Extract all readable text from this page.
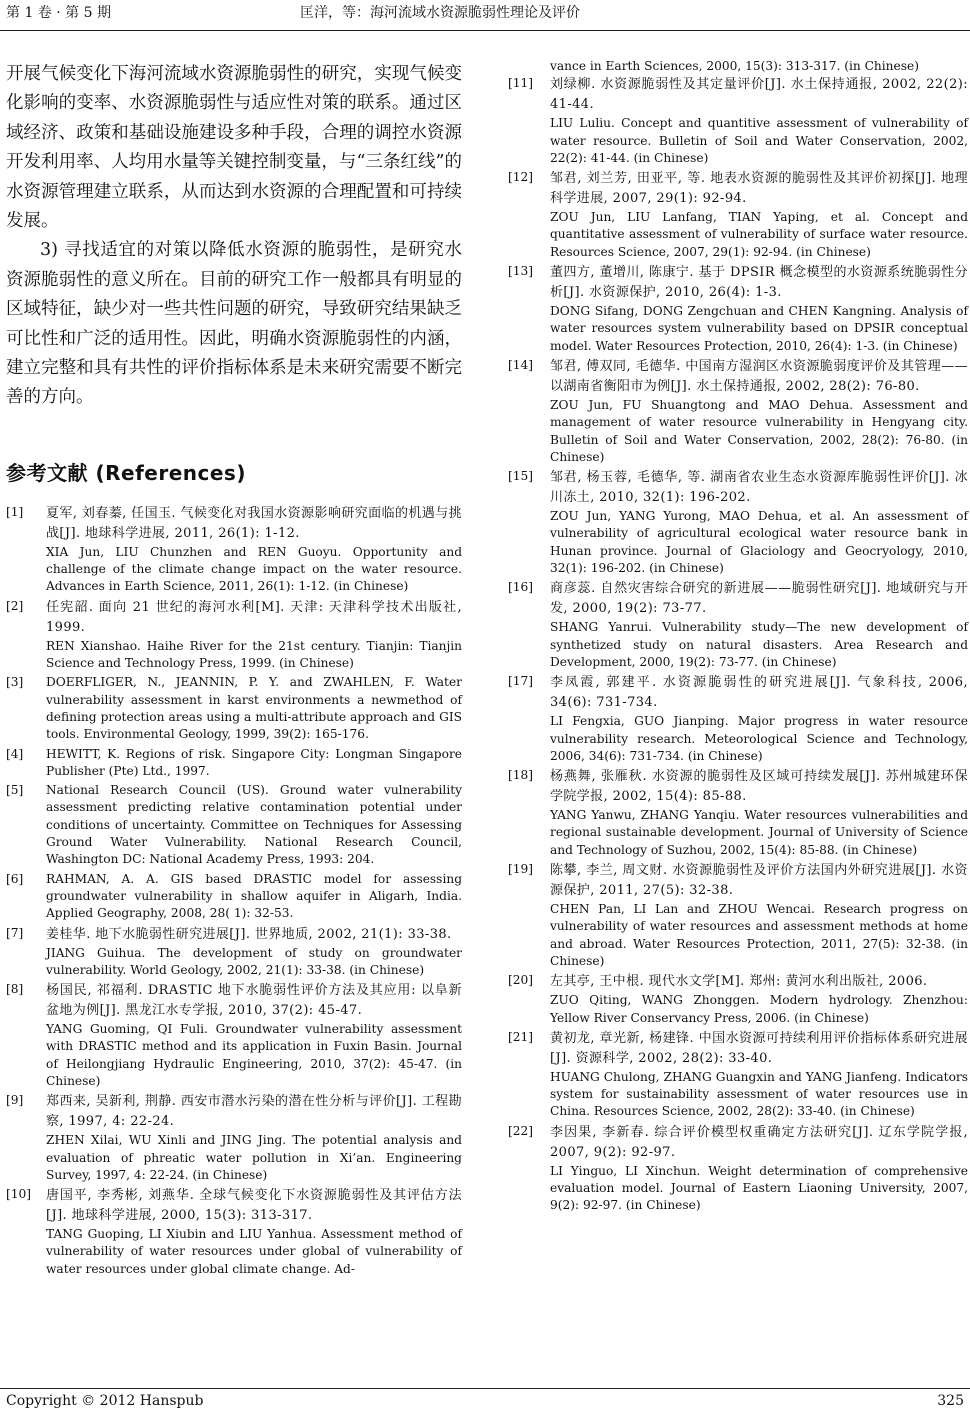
第 1 卷 · 第 5 期	匡洋，等：海河流域水资源脆弱性理论及评价

开展气候变化下海河流域水资源脆弱性的研究，实现气候变化影响的变率、水资源脆弱性与适应性对策的联系。通过区域经济、政策和基础设施建设多种手段，合理的调控水资源开发利用率、人均用水量等关键控制变量，与“三条红线”的水资源管理建立联系，从而达到水资源的合理配置和可持续发展。

3) 寻找适宜的对策以降低水资源的脆弱性，是研究水资源脆弱性的意义所在。目前的研究工作一般都具有明显的区域特征，缺少对一些共性问题的研究，导致研究结果缺乏可比性和广泛的适用性。因此，明确水资源脆弱性的内涵，建立完整和具有共性的评价指标体系是未来研究需要不断完善的方向。

参考文献 (References)
[1]	夏军, 刘春蓁, 任国玉. 气候变化对我国水资源影响研究面临的机遇与挑战[J]. 地球科学进展, 2011, 26(1): 1-12.
XIA Jun, LIU Chunzhen and REN Guoyu. Opportunity and challenge of the climate change impact on the water resource. Advances in Earth Science, 2011, 26(1): 1-12. (in Chinese)
[2]	任宪韶. 面向 21 世纪的海河水利[M]. 天津: 天津科学技术出版社, 1999.
REN Xianshao. Haihe River for the 21st century. Tianjin: Tianjin Science and Technology Press, 1999. (in Chinese)
[3]	DOERFLIGER, N., JEANNIN, P. Y. and ZWAHLEN, F. Water vulnerability assessment in karst environments a newmethod of defining protection areas using a multi-attribute approach and GIS tools. Environmental Geology, 1999, 39(2): 165-176.
[4]	HEWITT, K. Regions of risk. Singapore City: Longman Singapore Publisher (Pte) Ltd., 1997.
[5]	National Research Council (US). Ground water vulnerability assessment predicting relative contamination potential under conditions of uncertainty. Committee on Techniques for Assessing Ground Water Vulnerability. National Research Council, Washington DC: National Academy Press, 1993: 204.
[6]	RAHMAN, A. A. GIS based DRASTIC model for assessing groundwater vulnerability in shallow aquifer in Aligarh, India. Applied Geography, 2008, 28( 1): 32-53.
[7]	姜桂华. 地下水脆弱性研究进展[J]. 世界地质, 2002, 21(1): 33-38.
JIANG Guihua. The development of study on groundwater vulnerability. World Geology, 2002, 21(1): 33-38. (in Chinese)
[8]	杨国民, 祁福利. DRASTIC 地下水脆弱性评价方法及其应用: 以阜新盆地为例[J]. 黑龙江水专学报, 2010, 37(2): 45-47.
YANG Guoming, QI Fuli. Groundwater vulnerability assessment with DRASTIC method and its application in Fuxin Basin. Journal of Heilongjiang Hydraulic Engineering, 2010, 37(2): 45-47. (in Chinese)
[9]	郑西来, 吴新利, 荆静. 西安市潜水污染的潜在性分析与评价[J]. 工程勘察, 1997, 4: 22-24.
ZHEN Xilai, WU Xinli and JING Jing. The potential analysis and evaluation of phreatic water pollution in Xi’an. Engineering Survey, 1997, 4: 22-24. (in Chinese)
[10]	唐国平, 李秀彬, 刘燕华. 全球气候变化下水资源脆弱性及其评估方法[J]. 地球科学进展, 2000, 15(3): 313-317.
TANG Guoping, LI Xiubin and LIU Yanhua. Assessment method of vulnerability of water resources under global of vulnerability of water resources under global climate change. Ad-
vance in Earth Sciences, 2000, 15(3): 313-317. (in Chinese)
[11]	刘绿柳. 水资源脆弱性及其定量评价[J]. 水土保持通报, 2002, 22(2): 41-44.
LIU Luliu. Concept and quantitive assessment of vulnerability of water resource. Bulletin of Soil and Water Conservation, 2002, 22(2): 41-44. (in Chinese)
[12]	邹君, 刘兰芳, 田亚平, 等. 地表水资源的脆弱性及其评价初探[J]. 地理科学进展, 2007, 29(1): 92-94.
ZOU Jun, LIU Lanfang, TIAN Yaping, et al. Concept and quantitative assessment of vulnerability of surface water resource. Resources Science, 2007, 29(1): 92-94. (in Chinese)
[13]	董四方, 董增川, 陈康宁. 基于 DPSIR 概念模型的水资源系统脆弱性分析[J]. 水资源保护, 2010, 26(4): 1-3.
DONG Sifang, DONG Zengchuan and CHEN Kangning. Analysis of water resources system vulnerability based on DPSIR conceptual model. Water Resources Protection, 2010, 26(4): 1-3. (in Chinese)
[14]	邹君, 傅双同, 毛德华. 中国南方湿润区水资源脆弱度评价及其管理——以湖南省衡阳市为例[J]. 水土保持通报, 2002, 28(2): 76-80.
ZOU Jun, FU Shuangtong and MAO Dehua. Assessment and management of water resource vulnerability in Hengyang city. Bulletin of Soil and Water Conservation, 2002, 28(2): 76-80. (in Chinese)
[15]	邹君, 杨玉蓉, 毛德华, 等. 湖南省农业生态水资源库脆弱性评价[J]. 冰川冻土, 2010, 32(1): 196-202.
ZOU Jun, YANG Yurong, MAO Dehua, et al. An assessment of vulnerability of agricultural ecological water resource bank in Hunan province. Journal of Glaciology and Geocryology, 2010, 32(1): 196-202. (in Chinese)
[16]	商彦蕊. 自然灾害综合研究的新进展——脆弱性研究[J]. 地域研究与开发, 2000, 19(2): 73-77.
SHANG Yanrui. Vulnerability study—The new development of synthetized study on natural disasters. Area Research and Development, 2000, 19(2): 73-77. (in Chinese)
[17]	李凤霞, 郭建平. 水资源脆弱性的研究进展[J]. 气象科技, 2006, 34(6): 731-734.
LI Fengxia, GUO Jianping. Major progress in water resource vulnerability research. Meteorological Science and Technology, 2006, 34(6): 731-734. (in Chinese)
[18]	杨燕舞, 张雁秋. 水资源的脆弱性及区域可持续发展[J]. 苏州城建环保学院学报, 2002, 15(4): 85-88.
YANG Yanwu, ZHANG Yanqiu. Water resources vulnerabilities and regional sustainable development. Journal of University of Science and Technology of Suzhou, 2002, 15(4): 85-88. (in Chinese)
[19]	陈攀, 李兰, 周文财. 水资源脆弱性及评价方法国内外研究进展[J]. 水资源保护, 2011, 27(5): 32-38.
CHEN Pan, LI Lan and ZHOU Wencai. Research progress on vulnerability of water resources and assessment methods at home and abroad. Water Resources Protection, 2011, 27(5): 32-38. (in Chinese)
[20]	左其亭, 王中根. 现代水文学[M]. 郑州: 黄河水利出版社, 2006.
ZUO Qiting, WANG Zhonggen. Modern hydrology. Zhenzhou: Yellow River Conservancy Press, 2006. (in Chinese)
[21]	黄初龙, 章光新, 杨建锋. 中国水资源可持续利用评价指标体系研究进展[J]. 资源科学, 2002, 28(2): 33-40.
HUANG Chulong, ZHANG Guangxin and YANG Jianfeng. Indicators system for sustainability assessment of water resources use in China. Resources Science, 2002, 28(2): 33-40. (in Chinese)
[22]	李因果, 李新春. 综合评价模型权重确定方法研究[J]. 辽东学院学报, 2007, 9(2): 92-97.
LI Yinguo, LI Xinchun. Weight determination of comprehensive evaluation model. Journal of Eastern Liaoning University, 2007, 9(2): 92-97. (in Chinese)
Copyright © 2012 Hanspub	325
